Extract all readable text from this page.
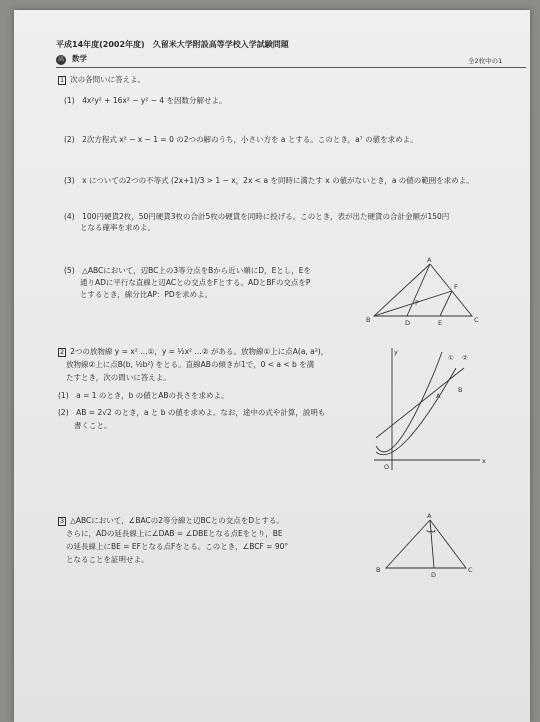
平成14年度(2002年度)　久留米大学附設高等学校入学試験問題
高 数学	全2枚中の1
1 次の各問いに答えよ。
(1)　4x²y² + 16x² − y² − 4 を因数分解せよ。
(2)　2次方程式 x² − x − 1 = 0 の2つの解のうち，小さい方を a とする。このとき，a⁷ の値を求めよ。
(3)　x についての2つの不等式 (2x+1)/3 > 1 − x，2x < a を同時に満たす x の値がないとき，a の値の範囲を求めよ。
(4)　100円硬貨2枚，50円硬貨3枚の合計5枚の硬貨を同時に投げる。このとき，表が出た硬貨の合計金額が150円
となる確率を求めよ。
(5)　△ABCにおいて，辺BC上の3等分点をBから近い順にD，Eとし，Eを
通りADに平行な直線と辺ACとの交点をFとする。ADとBFの交点をP
とするとき，線分比AP：PDを求めよ。
A
B	C
D	E
F
P
2 2つの放物線 y = x² …①，y = ½x² …② がある。放物線①上に点A(a, a²)，
放物線②上に点B(b, ½b²) をとる。直線ABの傾きが1で，0 < a < b を満
たすとき，次の問いに答えよ。
(1)　a = 1 のとき，b の値とABの長さを求めよ。
(2)　AB = 2√2 のとき，a と b の値を求めよ。なお，途中の式や計算，説明も
書くこと。
y
x
O
A
B
① ②
3 △ABCにおいて，∠BACの2等分線と辺BCとの交点をDとする。
さらに，ADの延長線上に∠DAB = ∠DBEとなる点Eをとり，BE
の延長線上にBE = EFとなる点Fをとる。このとき，∠BCF = 90°
となることを証明せよ。
A
B	C
D
